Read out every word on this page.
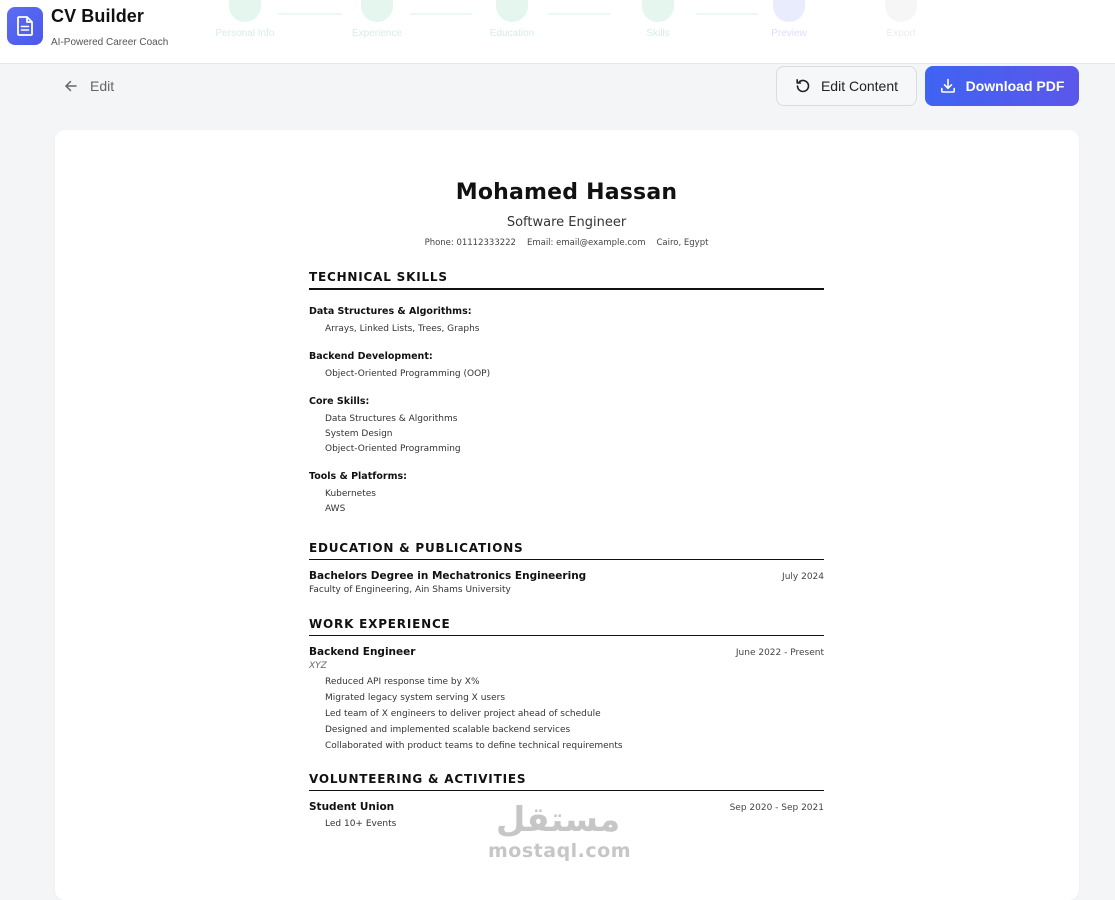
CV Builder
AI-Powered Career Coach
Personal Info	Experience	Education	Skills	Preview	Export
Edit	Edit Content	Download PDF
Mohamed Hassan
Software Engineer
Phone: 01112333222 Email: email@example.com Cairo, Egypt
TECHNICAL SKILLS
Data Structures & Algorithms:
Arrays, Linked Lists, Trees, Graphs
Backend Development:
Object-Oriented Programming (OOP)
Core Skills:
Data Structures & Algorithms
System Design
Object-Oriented Programming
Tools & Platforms:
Kubernetes
AWS
EDUCATION & PUBLICATIONS
Bachelors Degree in Mechatronics Engineering	July 2024
Faculty of Engineering, Ain Shams University
WORK EXPERIENCE
Backend Engineer	June 2022 - Present
XYZ
Reduced API response time by X%
Migrated legacy system serving X users
Led team of X engineers to deliver project ahead of schedule
Designed and implemented scalable backend services
Collaborated with product teams to define technical requirements
VOLUNTEERING & ACTIVITIES
Student Union	Sep 2020 - Sep 2021
Led 10+ Events	مستقل
mostaql.com
